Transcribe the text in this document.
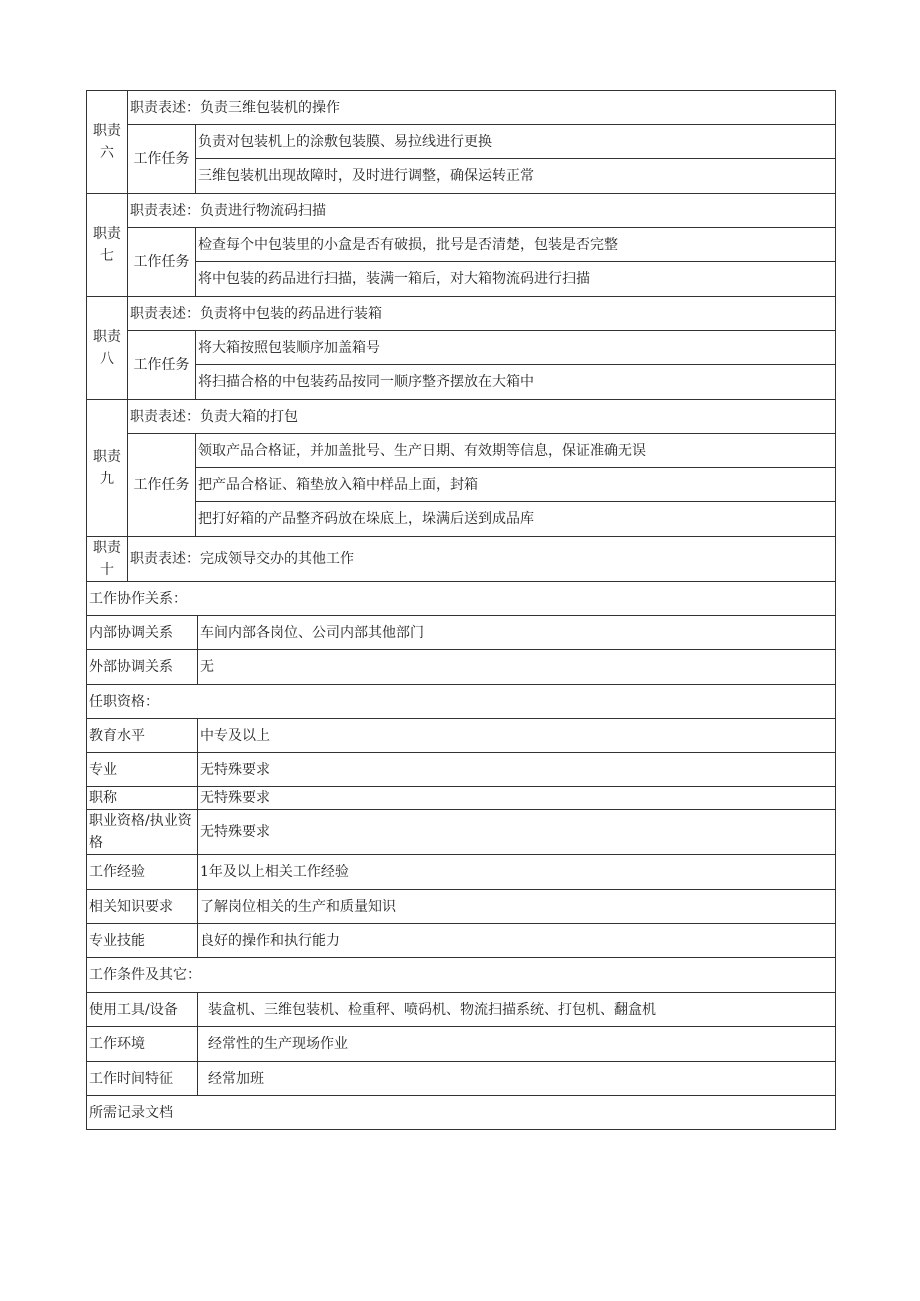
职责六	职责表述：负责三维包装机的操作		
	工作任务	负责对包装机上的涂敷包装膜、易拉线进行更换	
		三维包装机出现故障时，及时进行调整，确保运转正常	
职责七	职责表述：负责进行物流码扫描		
	工作任务	检查每个中包装里的小盒是否有破损，批号是否清楚，包装是否完整	
		将中包装的药品进行扫描，装满一箱后，对大箱物流码进行扫描	
职责八	职责表述：负责将中包装的药品进行装箱		
	工作任务	将大箱按照包装顺序加盖箱号	
		将扫描合格的中包装药品按同一顺序整齐摆放在大箱中	
职责九	职责表述：负责大箱的打包		
	工作任务	领取产品合格证，并加盖批号、生产日期、有效期等信息，保证准确无误	
		把产品合格证、箱垫放入箱中样品上面，封箱	
		把打好箱的产品整齐码放在垛底上，垛满后送到成品库	
职责十	职责表述：完成领导交办的其他工作		
工作协作关系：			
内部协调关系			车间内部各岗位、公司内部其他部门
外部协调关系			无
任职资格：			
教育水平			中专及以上
专业			无特殊要求
职称			无特殊要求
职业资格/执业资格			无特殊要求
工作经验			1年及以上相关工作经验
相关知识要求			了解岗位相关的生产和质量知识
专业技能			良好的操作和执行能力
工作条件及其它：			
使用工具/设备			装盒机、三维包装机、检重秤、喷码机、物流扫描系统、打包机、翻盒机
工作环境			经常性的生产现场作业
工作时间特征			经常加班
所需记录文档			
